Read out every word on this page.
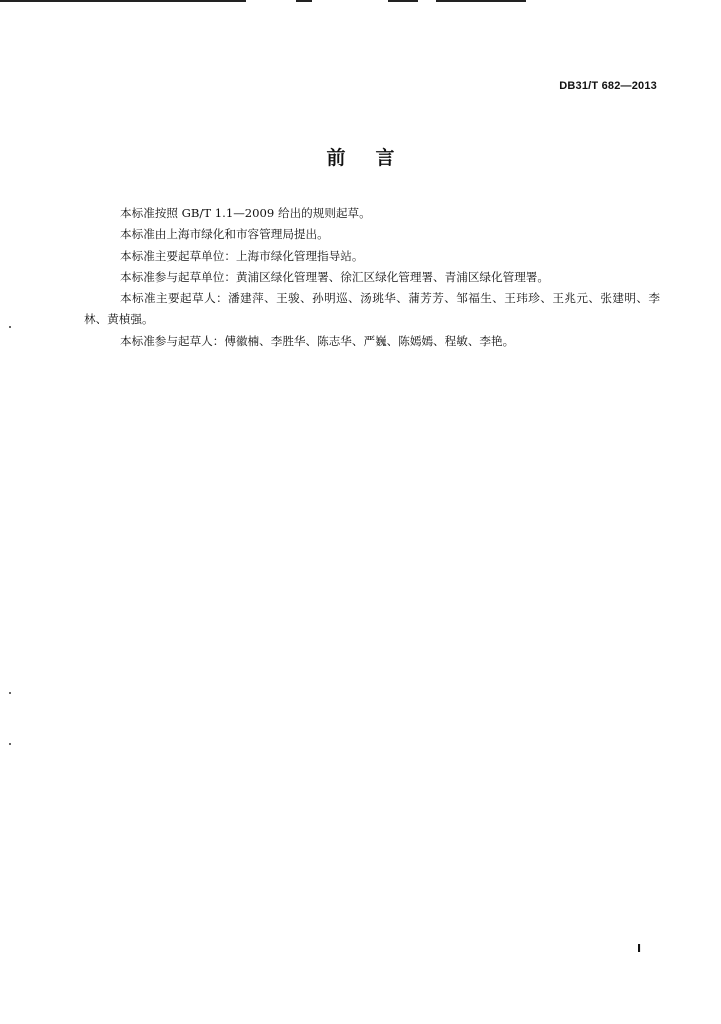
DB31/T 682—2013
前言

本标准按照 GB/T 1.1—2009 给出的规则起草。

本标准由上海市绿化和市容管理局提出。

本标准主要起草单位：上海市绿化管理指导站。

本标准参与起草单位：黄浦区绿化管理署、徐汇区绿化管理署、青浦区绿化管理署。

本标准主要起草人：潘建萍、王骏、孙明巡、汤珧华、蒲芳芳、邹福生、王玮珍、王兆元、张建明、李林、黄楨强。

本标准参与起草人：傅徽楠、李胜华、陈志华、严巍、陈嫣嫣、程敏、李艳。

Ⅰ
